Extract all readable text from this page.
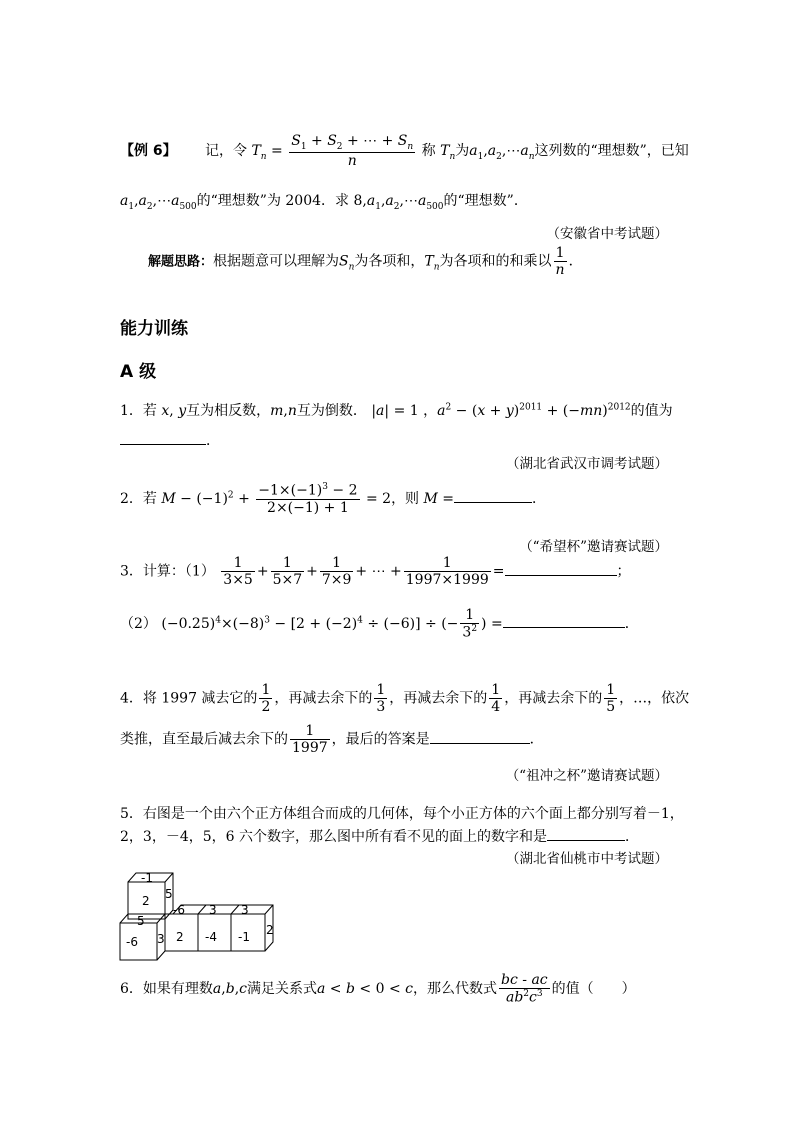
【例 6】 记，令 $T_n = \frac{S_1 + S_2 + \cdots + S_n}{n}$ 称 $T_n$为$a_1,a_2,\cdots a_n$这列数的“理想数”，已知
$a_1,a_2,\cdots a_{500}$的“理想数”为 2004．求 $8,a_1,a_2,\cdots a_{500}$的“理想数”．
（安徽省中考试题）
解题思路：根据题意可以理解为$S_n$为各项和，$T_n$为各项和的和乘以 $\frac{1}{n}$ ．
能力训练
A 级
1．若 x, y互为相反数，m,n互为倒数． |a| = 1 ，$a^2 - (x + y)^{2011} + (-mn)^{2012}$的值为
．
（湖北省武汉市调考试题）
2．若 $M - (-1)^2 + \frac{-1\times(-1)^3 - 2}{2\times(-1) + 1} = 2$，则 M =	．
（“希望杯”邀请赛试题）
3．计算：$(1) \frac{1}{3\times 5} + \frac{1}{5\times 7} + \frac{1}{7\times 9}$ + ⋯ + $\frac{1}{1997\times 1999}$ =	；
（2） $(-0.25)^4\times(-8)^3 - [2 + (-2)^4 \div (-6)]$ ÷ (− $\frac{1}{3^2}$ ) =	．
4．将 1997 减去它的 $\frac{1}{2}$ ，再减去余下的 $\frac{1}{3}$ ，再减去余下的 $\frac{1}{4}$ ，再减去余下的 $\frac{1}{5}$ ，…，依次
类推，直至最后减去余下的 $\frac{1}{1997}$ ，最后的答案是	．
（“祖冲之杯”邀请赛试题）
5．右图是一个由六个正方体组合而成的几何体，每个小正方体的六个面上都分别写着－1，
2，3，－4，5，6 六个数字，那么图中所有看不见的面上的数字和是	．
（湖北省仙桃市中考试题）
-1
5
2
5
-6 3 3
-6 3 2 -4 -1 2
6．如果有理数a,b,c满足关系式a < b < 0 < c，那么代数式 $\frac{bc - ac}{ab^2c^3}$ 的值（　　）
